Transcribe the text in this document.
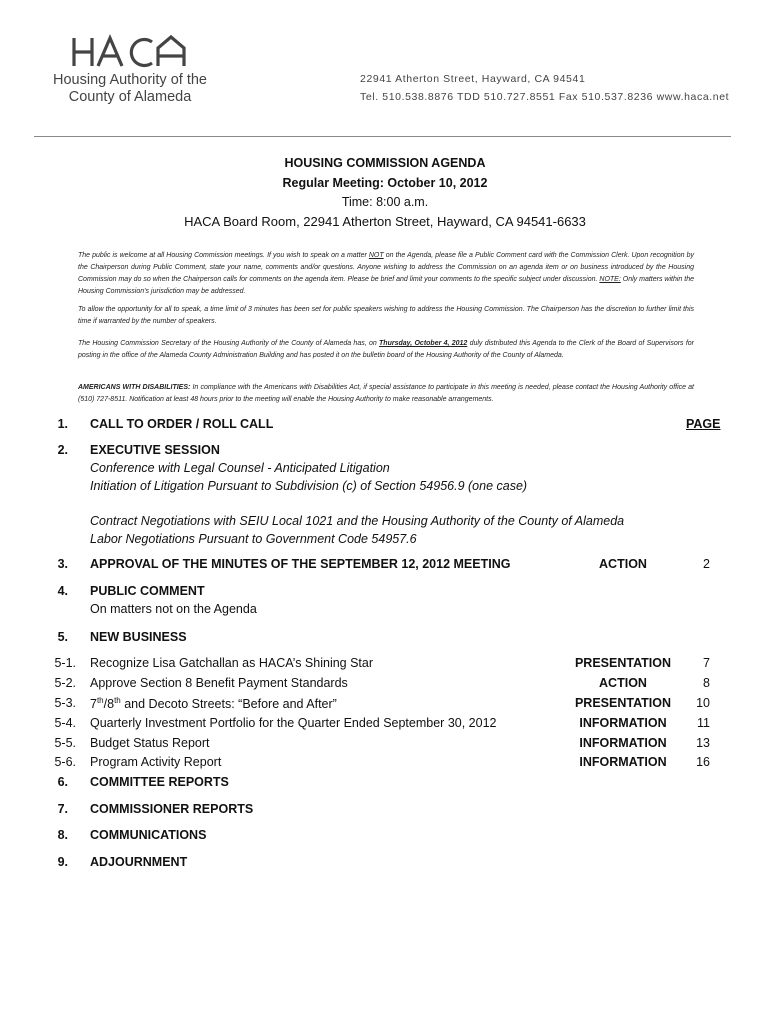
Housing Authority of the
County of Alameda
22941 Atherton Street, Hayward, CA 94541
Tel. 510.538.8876 TDD 510.727.8551 Fax 510.537.8236 www.haca.net
HOUSING COMMISSION AGENDA
Regular Meeting: October 10, 2012
Time: 8:00 a.m.
HACA Board Room, 22941 Atherton Street, Hayward, CA 94541-6633
The public is welcome at all Housing Commission meetings. If you wish to speak on a matter NOT on the Agenda, please file a Public Comment card with the Commission Clerk. Upon recognition by the Chairperson during Public Comment, state your name, comments and/or questions. Anyone wishing to address the Commission on an agenda item or on business introduced by the Housing Commission may do so when the Chairperson calls for comments on the agenda item. Please be brief and limit your comments to the specific subject under discussion. NOTE: Only matters within the Housing Commission's jurisdiction may be addressed.
To allow the opportunity for all to speak, a time limit of 3 minutes has been set for public speakers wishing to address the Housing Commission. The Chairperson has the discretion to further limit this time if warranted by the number of speakers.
The Housing Commission Secretary of the Housing Authority of the County of Alameda has, on Thursday, October 4, 2012 duly distributed this Agenda to the Clerk of the Board of Supervisors for posting in the office of the Alameda County Administration Building and has posted it on the bulletin board of the Housing Authority of the County of Alameda.
AMERICANS WITH DISABILITIES: In compliance with the Americans with Disabilities Act, if special assistance to participate in this meeting is needed, please contact the Housing Authority office at (510) 727-8511. Notification at least 48 hours prior to the meeting will enable the Housing Authority to make reasonable arrangements.
PAGE
1. CALL TO ORDER / ROLL CALL
2. EXECUTIVE SESSION
Conference with Legal Counsel - Anticipated Litigation
Initiation of Litigation Pursuant to Subdivision (c) of Section 54956.9 (one case)
Contract Negotiations with SEIU Local 1021 and the Housing Authority of the County of Alameda
Labor Negotiations Pursuant to Government Code 54957.6
3. APPROVAL OF THE MINUTES OF THE SEPTEMBER 12, 2012 MEETING	ACTION	2
4. PUBLIC COMMENT
On matters not on the Agenda
5. NEW BUSINESS
5-1. Recognize Lisa Gatchallan as HACA’s Shining Star	PRESENTATION	7
5-2. Approve Section 8 Benefit Payment Standards	ACTION	8
5-3. 7th/8th and Decoto Streets: “Before and After”	PRESENTATION	10
5-4. Quarterly Investment Portfolio for the Quarter Ended September 30, 2012	INFORMATION	11
5-5. Budget Status Report	INFORMATION	13
5-6. Program Activity Report	INFORMATION	16
6. COMMITTEE REPORTS
7. COMMISSIONER REPORTS
8. COMMUNICATIONS
9. ADJOURNMENT
